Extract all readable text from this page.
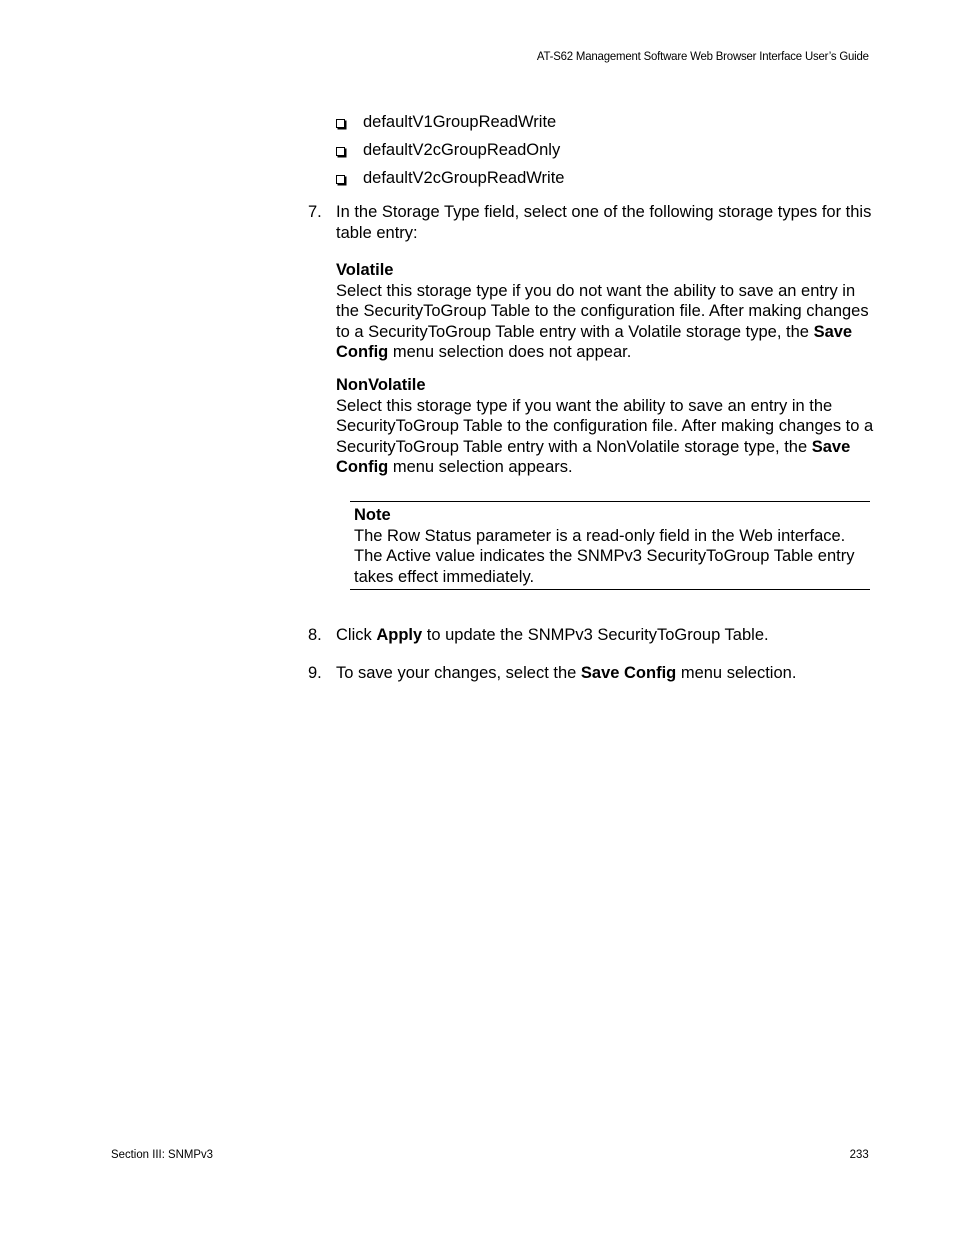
AT-S62 Management Software Web Browser Interface User’s Guide
defaultV1GroupReadWrite
defaultV2cGroupReadOnly
defaultV2cGroupReadWrite
7. In the Storage Type field, select one of the following storage types for this table entry:
Volatile
Select this storage type if you do not want the ability to save an entry in the SecurityToGroup Table to the configuration file. After making changes to a SecurityToGroup Table entry with a Volatile storage type, the Save Config menu selection does not appear.
NonVolatile
Select this storage type if you want the ability to save an entry in the SecurityToGroup Table to the configuration file. After making changes to a SecurityToGroup Table entry with a NonVolatile storage type, the Save Config menu selection appears.
Note
The Row Status parameter is a read-only field in the Web interface. The Active value indicates the SNMPv3 SecurityToGroup Table entry takes effect immediately.
8. Click Apply to update the SNMPv3 SecurityToGroup Table.
9. To save your changes, select the Save Config menu selection.
Section III: SNMPv3	233
